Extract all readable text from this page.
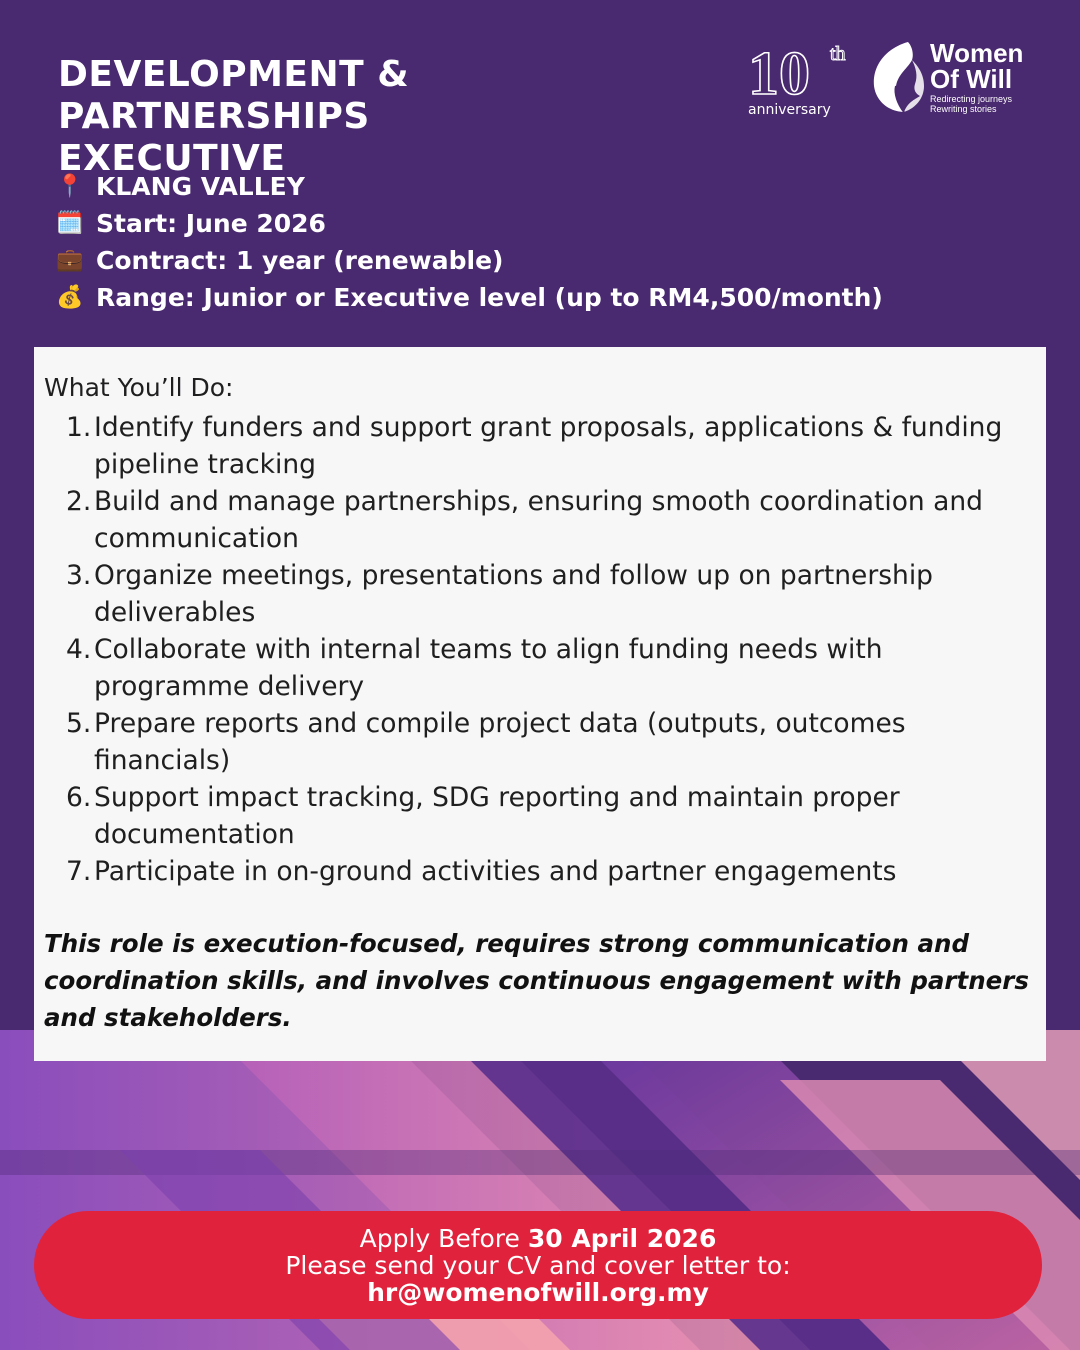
DEVELOPMENT & PARTNERSHIPS
EXECUTIVE
10 th
anniversary
Women
Of Will
Redirecting journeys
Rewriting stories
📍 KLANG VALLEY
🗓️ Start: June 2026
💼 Contract: 1 year (renewable)
💰 Range: Junior or Executive level (up to RM4,500/month)
What You’ll Do:
1. Identify funders and support grant proposals, applications & funding
pipeline tracking
2. Build and manage partnerships, ensuring smooth coordination and
communication
3. Organize meetings, presentations and follow up on partnership
deliverables
4. Collaborate with internal teams to align funding needs with
programme delivery
5. Prepare reports and compile project data (outputs, outcomes
financials)
6. Support impact tracking, SDG reporting and maintain proper
documentation
7. Participate in on-ground activities and partner engagements

This role is execution-focused, requires strong communication and coordination skills, and involves continuous engagement with partners and stakeholders.

Apply Before 30 April 2026
Please send your CV and cover letter to:
hr@womenofwill.org.my
